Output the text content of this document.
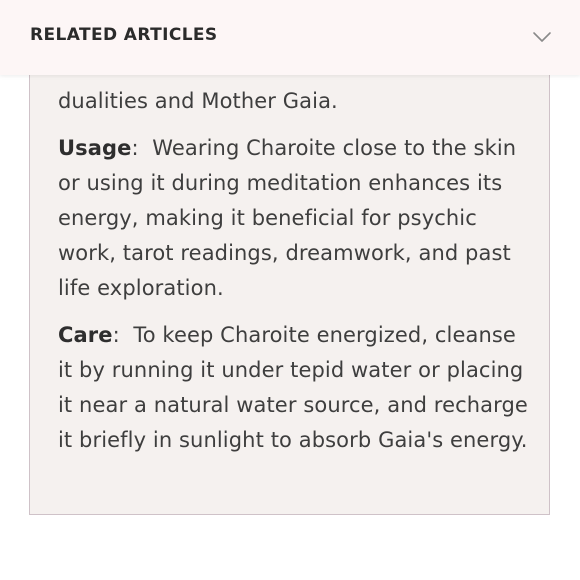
dualities and Mother Gaia.

Usage: Wearing Charoite close to the skin or using it during meditation enhances its energy, making it beneficial for psychic work, tarot readings, dreamwork, and past life exploration.

Care: To keep Charoite energized, cleanse it by running it under tepid water or placing it near a natural water source, and recharge it briefly in sunlight to absorb Gaia's energy.

RELATED ARTICLES
